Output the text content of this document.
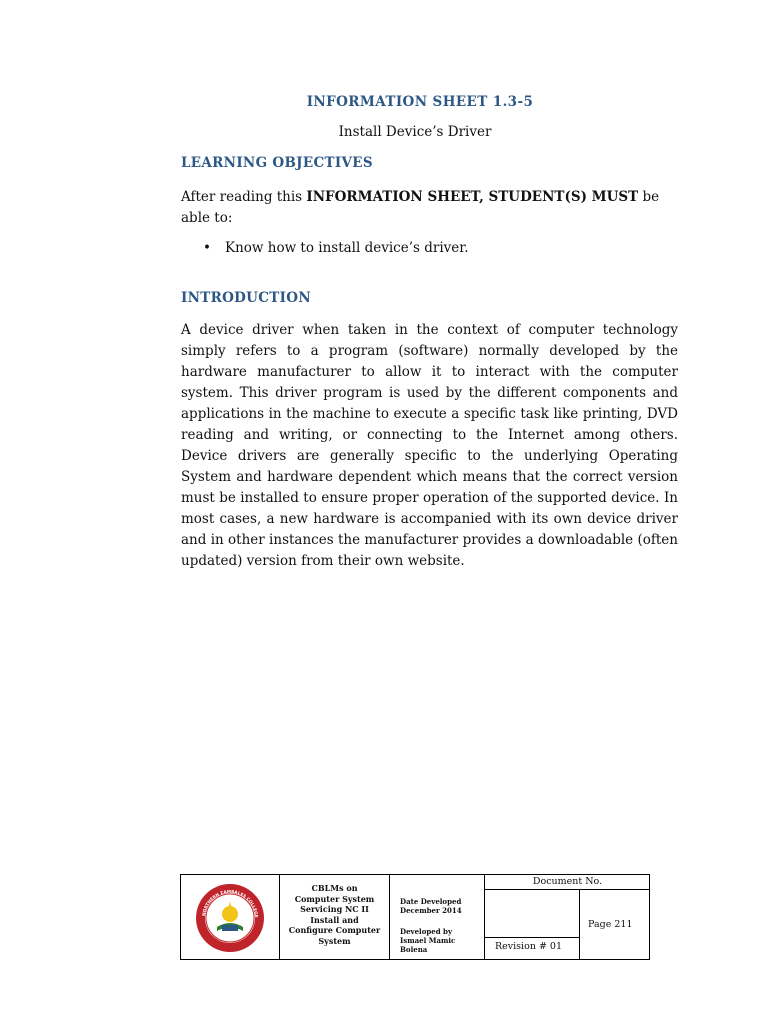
INFORMATION SHEET 1.3-5
Install Device’s Driver
LEARNING OBJECTIVES
After reading this INFORMATION SHEET, STUDENT(S) MUST be able to:
• Know how to install device’s driver.
INTRODUCTION
A device driver when taken in the context of computer technology simply refers to a program (software) normally developed by the hardware manufacturer to allow it to interact with the computer system. This driver program is used by the different components and applications in the machine to execute a specific task like printing, DVD reading and writing, or connecting to the Internet among others. Device drivers are generally specific to the underlying Operating System and hardware dependent which means that the correct version must be installed to ensure proper operation of the supported device. In most cases, a new hardware is accompanied with its own device driver and in other instances the manufacturer provides a downloadable (often updated) version from their own website.
NORTHERN ZAMBALES COLLEGE
CBLMs on
Computer System
Servicing NC II
Install and
Configure Computer
System
Date Developed
December 2014
Developed by
Ismael Mamic Bolena
Document No.
Revision # 01
Page 211
